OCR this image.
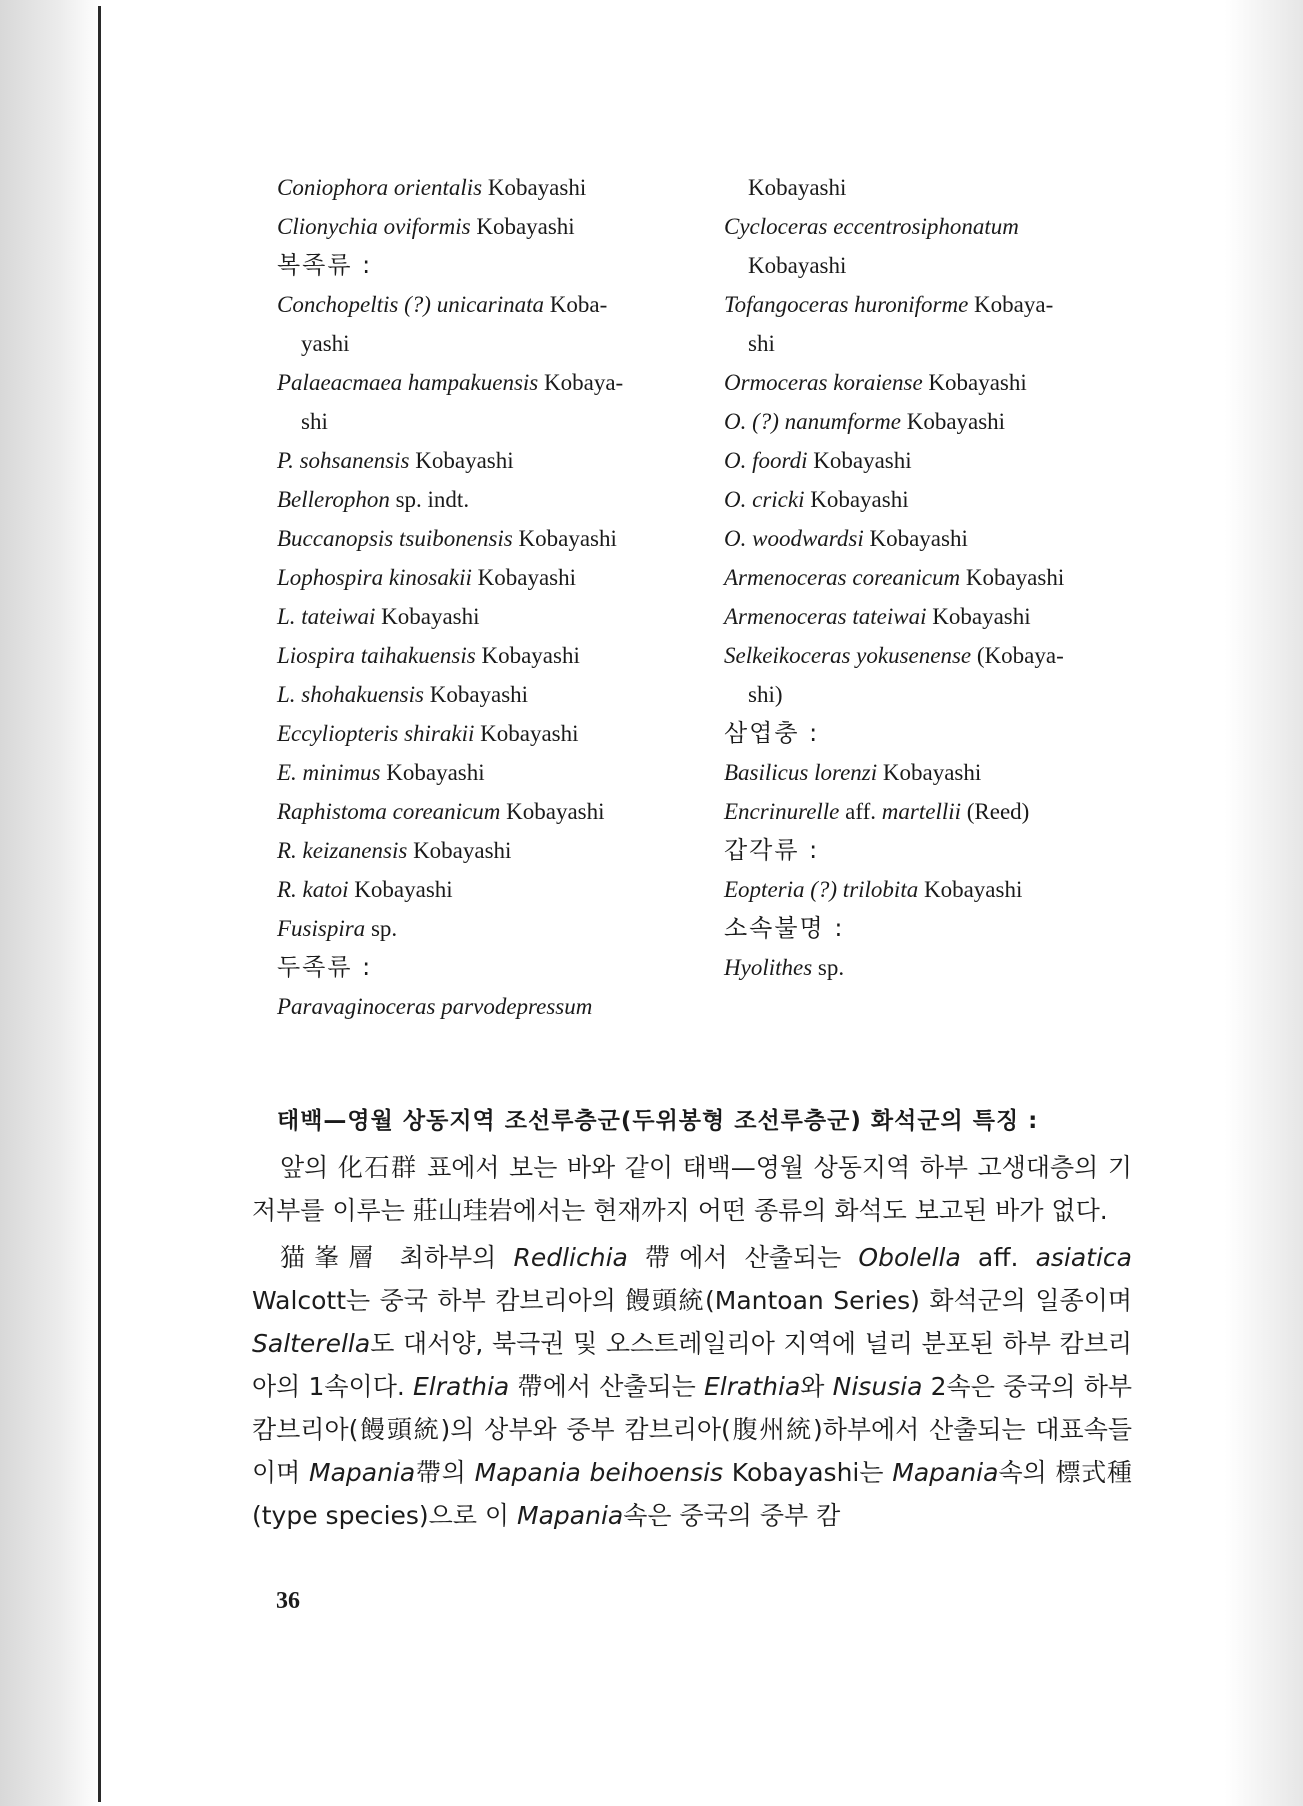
Coniophora orientalis Kobayashi
Clionychia oviformis Kobayashi
복족류 :
Conchopeltis (?) unicarinata Koba-
yashi
Palaeacmaea hampakuensis Kobaya-
shi
P. sohsanensis Kobayashi
Bellerophon sp. indt.
Buccanopsis tsuibonensis Kobayashi
Lophospira kinosakii Kobayashi
L. tateiwai Kobayashi
Liospira taihakuensis Kobayashi
L. shohakuensis Kobayashi
Eccyliopteris shirakii Kobayashi
E. minimus Kobayashi
Raphistoma coreanicum Kobayashi
R. keizanensis Kobayashi
R. katoi Kobayashi
Fusispira sp.
두족류 :
Paravaginoceras parvodepressum
Kobayashi
Cycloceras eccentrosiphonatum
Kobayashi
Tofangoceras huroniforme Kobaya-
shi
Ormoceras koraiense Kobayashi
O. (?) nanumforme Kobayashi
O. foordi Kobayashi
O. cricki Kobayashi
O. woodwardsi Kobayashi
Armenoceras coreanicum Kobayashi
Armenoceras tateiwai Kobayashi
Selkeikoceras yokusenense (Kobaya-
shi)
삼엽충 :
Basilicus lorenzi Kobayashi
Encrinurelle aff. martellii (Reed)
갑각류 :
Eopteria (?) trilobita Kobayashi
소속불명 :
Hyolithes sp.
태백—영월 상동지역 조선루층군(두위봉형 조선루층군) 화석군의 특징 :

앞의 化石群 표에서 보는 바와 같이 태백—영월 상동지역 하부 고생대층의 기저부를 이루는 莊山珪岩에서는 현재까지 어떤 종류의 화석도 보고된 바가 없다.

猫峯層 최하부의 Redlichia 帶에서 산출되는 Obolella aff. asiatica Walcott는 중국 하부 캄브리아의 饅頭統(Mantoan Series) 화석군의 일종이며 Salterella도 대서양, 북극권 및 오스트레일리아 지역에 널리 분포된 하부 캄브리아의 1속이다. Elrathia 帶에서 산출되는 Elrathia와 Nisusia 2속은 중국의 하부 캄브리아(饅頭統)의 상부와 중부 캄브리아(腹州統)하부에서 산출되는 대표속들이며 Mapania帶의 Mapania beihoensis Kobayashi는 Mapania속의 標式種(type species)으로 이 Mapania속은 중국의 중부 캄

36
